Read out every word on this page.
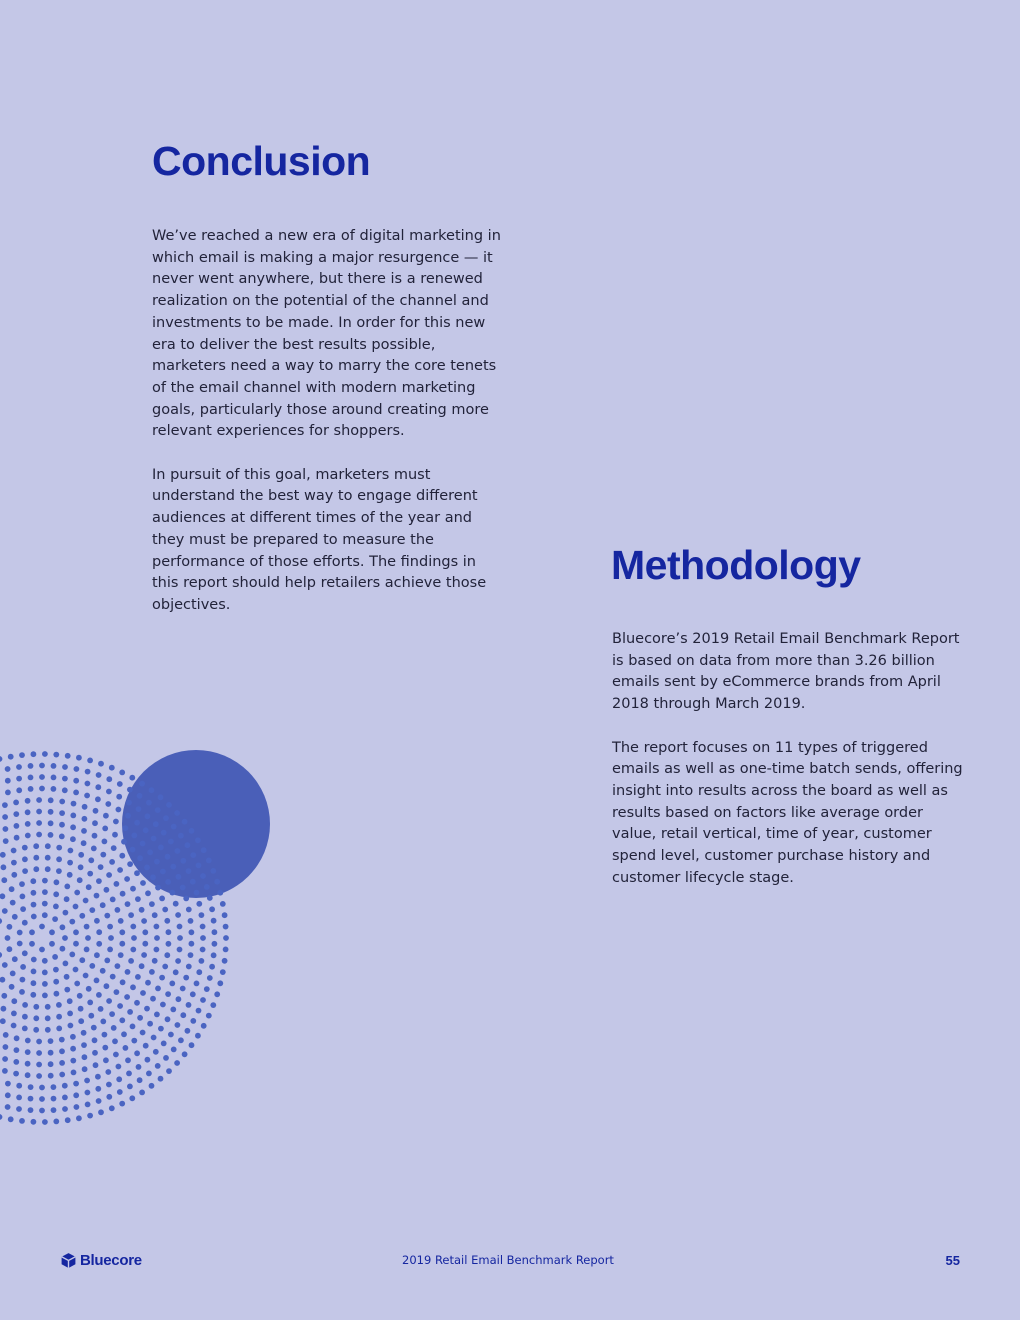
Conclusion

We’ve reached a new era of digital marketing in which email is making a major resurgence — it never went anywhere, but there is a renewed realization on the potential of the channel and investments to be made. In order for this new era to deliver the best results possible, marketers need a way to marry the core tenets of the email channel with modern marketing goals, particularly those around creating more relevant experiences for shoppers.

In pursuit of this goal, marketers must understand the best way to engage different audiences at different times of the year and they must be prepared to measure the performance of those efforts. The findings in this report should help retailers achieve those objectives.

Methodology

Bluecore’s 2019 Retail Email Benchmark Report is based on data from more than 3.26 billion emails sent by eCommerce brands from April 2018 through March 2019.

The report focuses on 11 types of triggered emails as well as one-time batch sends, offering insight into results across the board as well as results based on factors like average order value, retail vertical, time of year, customer spend level, customer purchase history and customer lifecycle stage.

Bluecore	2019 Retail Email Benchmark Report	55
